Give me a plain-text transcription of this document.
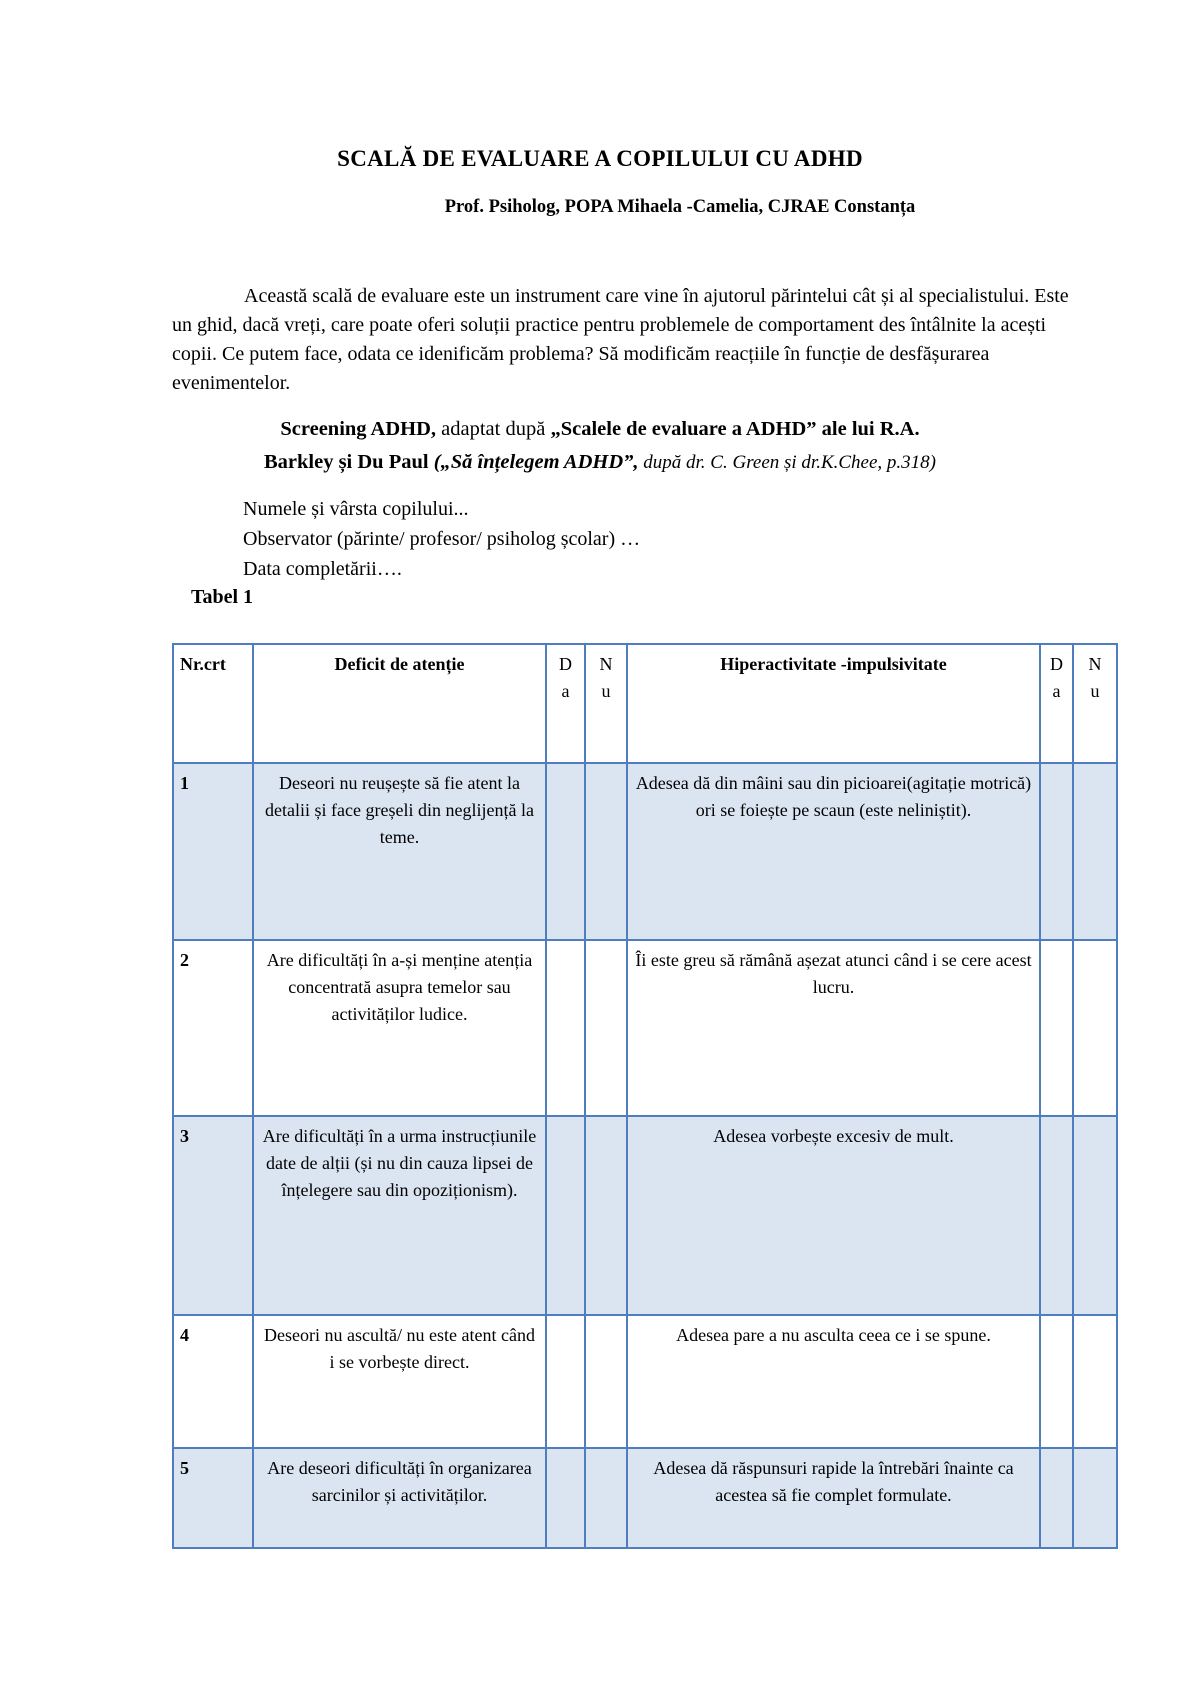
SCALĂ DE EVALUARE A COPILULUI CU ADHD
Prof. Psiholog, POPA Mihaela -Camelia, CJRAE Constanța

Această scală de evaluare este un instrument care vine în ajutorul părintelui cât și al specialistului. Este un ghid, dacă vreți, care poate oferi soluții practice pentru problemele de comportament des întâlnite la acești copii. Ce putem face, odata ce idenificăm problema? Să modificăm reacțiile în funcție de desfășurarea evenimentelor.

Screening ADHD, adaptat după „Scalele de evaluare a ADHD” ale lui R.A.
Barkley și Du Paul („Să înțelegem ADHD”, după dr. C. Green și dr.K.Chee, p.318)
Numele și vârsta copilului...
Observator (părinte/ profesor/ psiholog școlar) …
Data completării….
Tabel 1
Nr.crt	Deficit de atenție	Da	Nu	Hiperactivitate -impulsivitate	Da	Nu

1	Deseori nu reușește să fie atent la detalii și face greșeli din neglijență la teme.			Adesea dă din mâini sau din picioarei(agitație motrică) ori se foiește pe scaun (este neliniștit).		
2	Are dificultăți în a-și menține atenția concentrată asupra temelor sau activităților ludice.			Îi este greu să rămână așezat atunci când i se cere acest lucru.		
3	Are dificultăți în a urma instrucțiunile date de alții (și nu din cauza lipsei de înțelegere sau din opoziționism).			Adesea vorbește excesiv de mult.		
4	Deseori nu ascultă/ nu este atent când i se vorbește direct.			Adesea pare a nu asculta ceea ce i se spune.		
5	Are deseori dificultăți în organizarea sarcinilor și activităților.			Adesea dă răspunsuri rapide la întrebări înainte ca acestea să fie complet formulate.		
